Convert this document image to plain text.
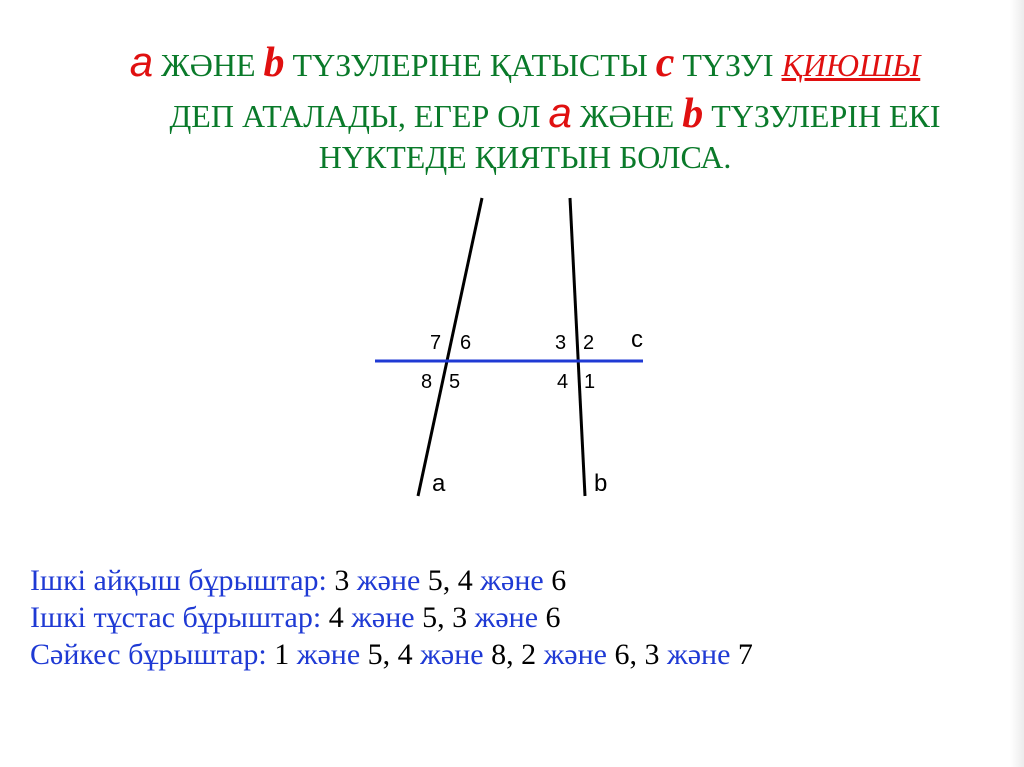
a ЖӘНЕ b ТҮЗУЛЕРІНЕ ҚАТЫСТЫ c ТҮЗУІ ҚИЮШЫ
ДЕП АТАЛАДЫ, ЕГЕР ОЛ a ЖӘНЕ b ТҮЗУЛЕРІН ЕКІ
НҮКТЕДЕ ҚИЯТЫН БОЛСА.
7 6
8 5
3 2
4 1
c
a	b
Ішкі айқыш бұрыштар: 3 және 5, 4 және 6
Ішкі тұстас бұрыштар: 4 және 5, 3 және 6
Сәйкес бұрыштар: 1 және 5, 4 және 8, 2 және 6, 3 және 7
